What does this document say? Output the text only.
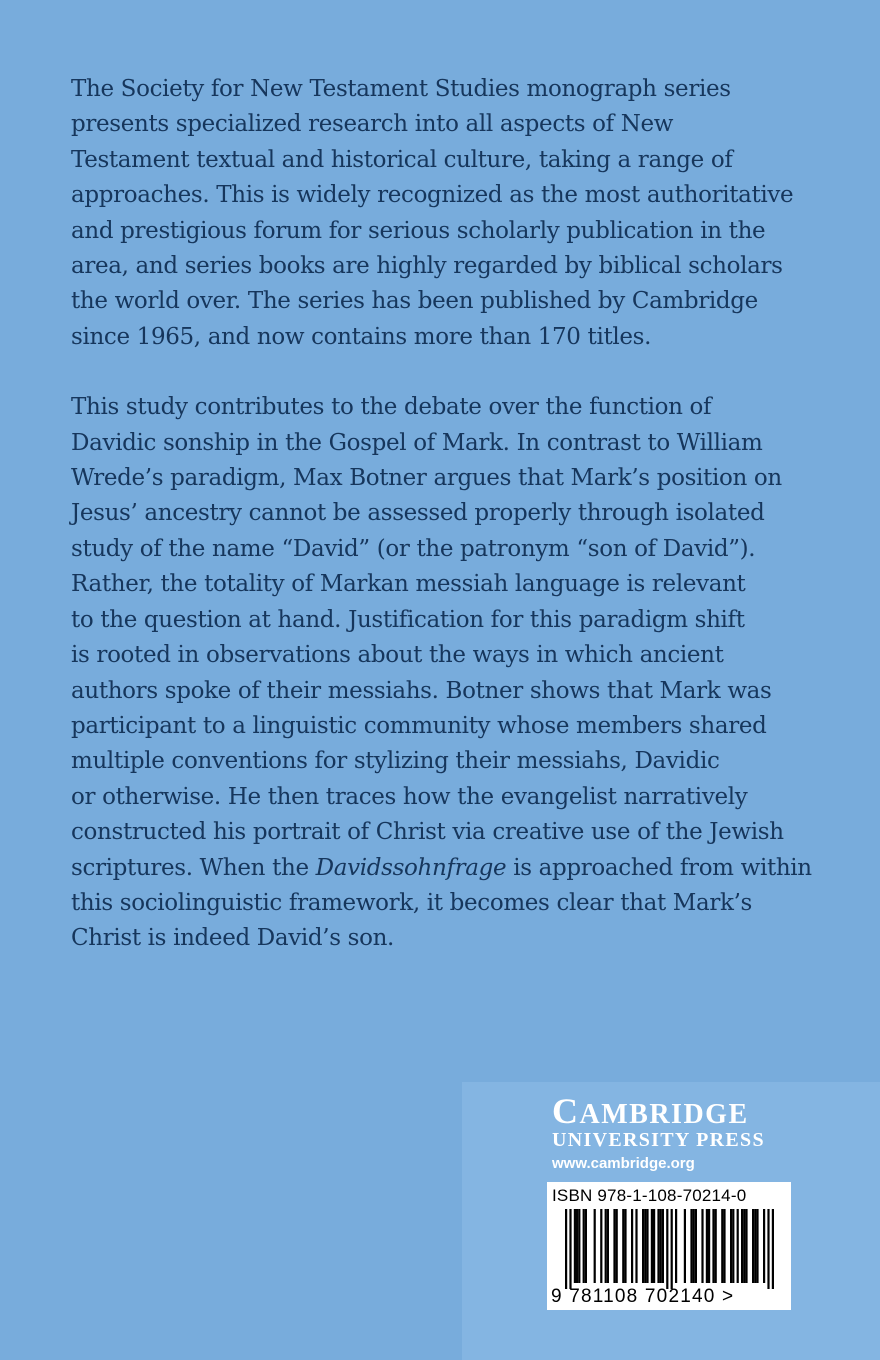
The Society for New Testament Studies monograph series
presents specialized research into all aspects of New
Testament textual and historical culture, taking a range of
approaches. This is widely recognized as the most authoritative
and prestigious forum for serious scholarly publication in the
area, and series books are highly regarded by biblical scholars
the world over. The series has been published by Cambridge
since 1965, and now contains more than 170 titles.
This study contributes to the debate over the function of
Davidic sonship in the Gospel of Mark. In contrast to William
Wrede’s paradigm, Max Botner argues that Mark’s position on
Jesus’ ancestry cannot be assessed properly through isolated
study of the name “David” (or the patronym “son of David”).
Rather, the totality of Markan messiah language is relevant
to the question at hand. Justification for this paradigm shift
is rooted in observations about the ways in which ancient
authors spoke of their messiahs. Botner shows that Mark was
participant to a linguistic community whose members shared
multiple conventions for stylizing their messiahs, Davidic
or otherwise. He then traces how the evangelist narratively
constructed his portrait of Christ via creative use of the Jewish
scriptures. When the Davidssohnfrage is approached from within
this sociolinguistic framework, it becomes clear that Mark’s
Christ is indeed David’s son.
CAMBRIDGE
UNIVERSITY PRESS
www.cambridge.org
ISBN 978-1-108-70214-0
9 781108 702140 >
